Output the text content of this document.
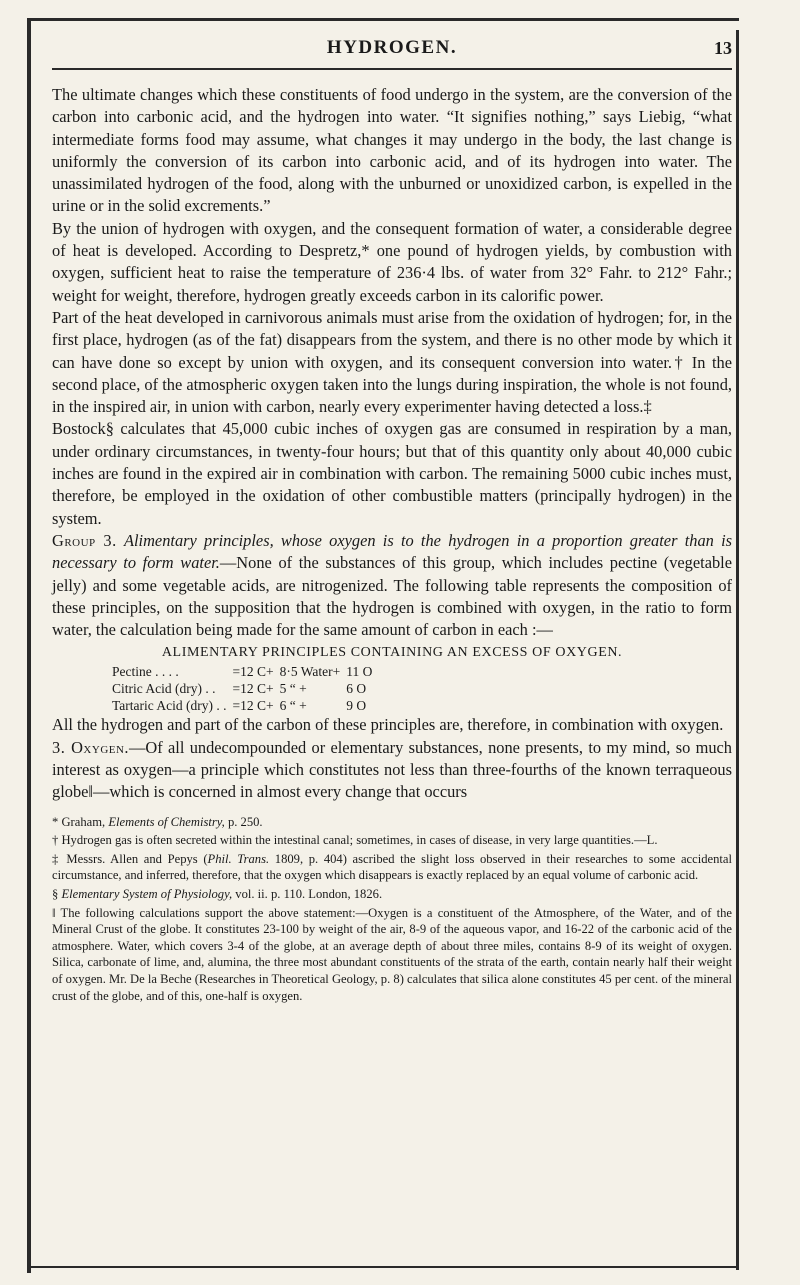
HYDROGEN.	13

The ultimate changes which these constituents of food undergo in the system, are the conversion of the carbon into carbonic acid, and the hydrogen into water. “It signifies nothing,” says Liebig, “what intermediate forms food may assume, what changes it may undergo in the body, the last change is uniformly the conversion of its carbon into carbonic acid, and of its hydrogen into water. The unassimilated hydrogen of the food, along with the unburned or unoxidized carbon, is expelled in the urine or in the solid excrements.”

By the union of hydrogen with oxygen, and the consequent formation of water, a considerable degree of heat is developed. According to Despretz,* one pound of hydrogen yields, by combustion with oxygen, sufficient heat to raise the temperature of 236·4 lbs. of water from 32° Fahr. to 212° Fahr.; weight for weight, therefore, hydrogen greatly exceeds carbon in its calorific power.

Part of the heat developed in carnivorous animals must arise from the oxidation of hydrogen; for, in the first place, hydrogen (as of the fat) disappears from the system, and there is no other mode by which it can have done so except by union with oxygen, and its consequent conversion into water.† In the second place, of the atmospheric oxygen taken into the lungs during inspiration, the whole is not found, in the inspired air, in union with carbon, nearly every experimenter having detected a loss.‡

Bostock§ calculates that 45,000 cubic inches of oxygen gas are consumed in respiration by a man, under ordinary circumstances, in twenty-four hours; but that of this quantity only about 40,000 cubic inches are found in the expired air in combination with carbon. The remaining 5000 cubic inches must, therefore, be employed in the oxidation of other combustible matters (principally hydrogen) in the system.

Group 3. Alimentary principles, whose oxygen is to the hydrogen in a proportion greater than is necessary to form water.—None of the substances of this group, which includes pectine (vegetable jelly) and some vegetable acids, are nitrogenized. The following table represents the composition of these principles, on the supposition that the hydrogen is combined with oxygen, in the ratio to form water, the calculation being made for the same amount of carbon in each :—

ALIMENTARY PRINCIPLES CONTAINING AN EXCESS OF OXYGEN.
Pectine . . . .	=12 C+	8·5 Water+	11 O
Citric Acid (dry) . .	=12 C+	5 “ +	6 O
Tartaric Acid (dry) . .	=12 C+	6 “ +	9 O

All the hydrogen and part of the carbon of these principles are, therefore, in combination with oxygen.

3. Oxygen.—Of all undecompounded or elementary substances, none presents, to my mind, so much interest as oxygen—a principle which constitutes not less than three-fourths of the known terraqueous globe‖—which is concerned in almost every change that occurs

* Graham, Elements of Chemistry, p. 250.

† Hydrogen gas is often secreted within the intestinal canal; sometimes, in cases of disease, in very large quantities.—L.

‡ Messrs. Allen and Pepys (Phil. Trans. 1809, p. 404) ascribed the slight loss observed in their researches to some accidental circumstance, and inferred, therefore, that the oxygen which disappears is exactly replaced by an equal volume of carbonic acid.

§ Elementary System of Physiology, vol. ii. p. 110. London, 1826.

‖ The following calculations support the above statement:—Oxygen is a constituent of the Atmosphere, of the Water, and of the Mineral Crust of the globe. It constitutes 23-100 by weight of the air, 8-9 of the aqueous vapor, and 16-22 of the carbonic acid of the atmosphere. Water, which covers 3-4 of the globe, at an average depth of about three miles, contains 8-9 of its weight of oxygen. Silica, carbonate of lime, and, alumina, the three most abundant constituents of the strata of the earth, contain nearly half their weight of oxygen. Mr. De la Beche (Researches in Theoretical Geology, p. 8) calculates that silica alone constitutes 45 per cent. of the mineral crust of the globe, and of this, one-half is oxygen.
